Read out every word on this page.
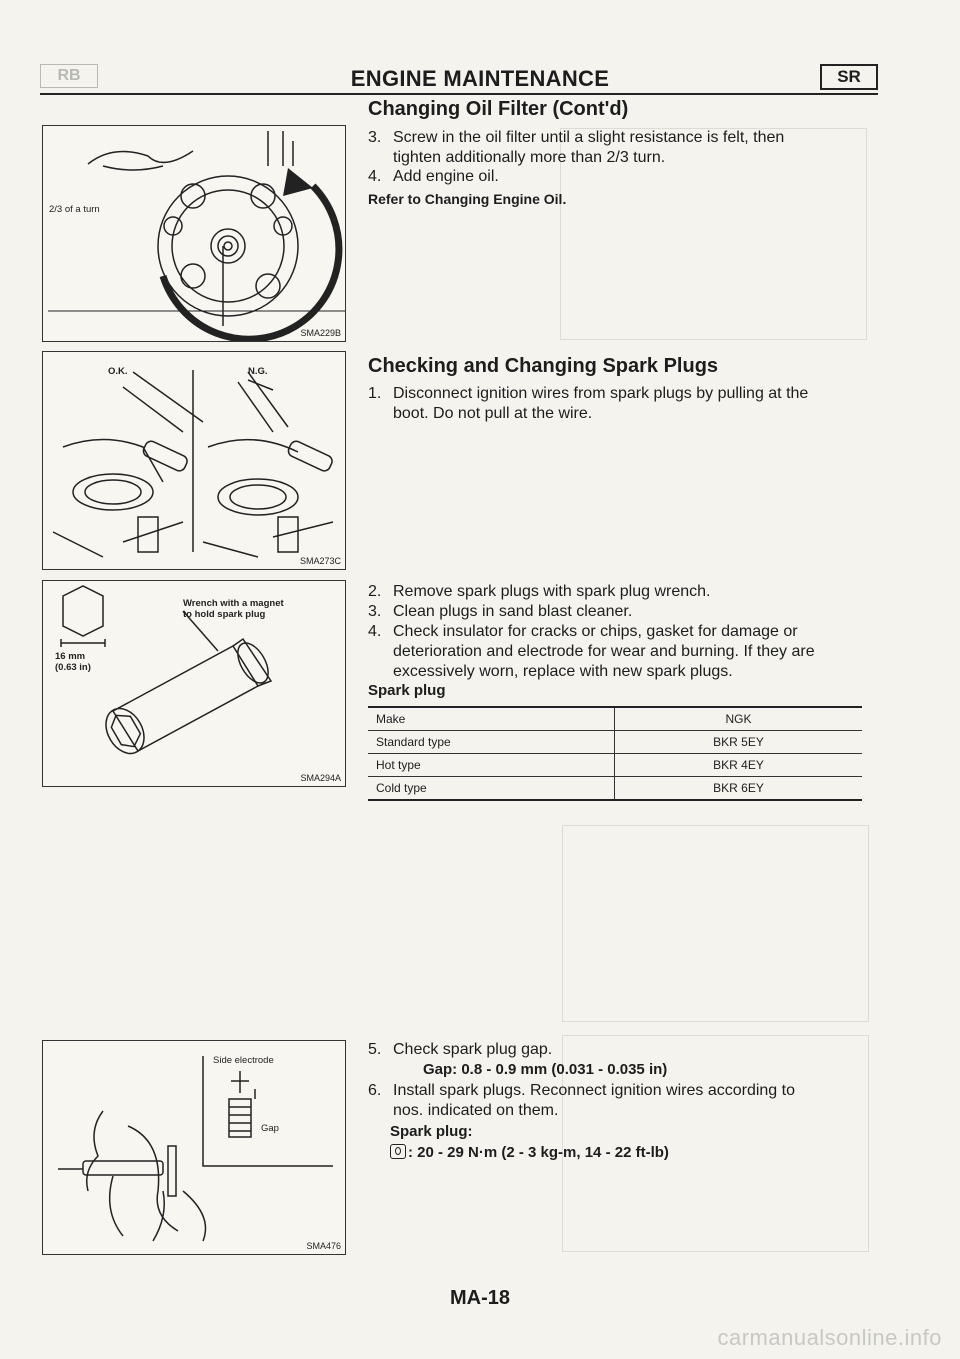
RB	ENGINE MAINTENANCE	SR
2/3 of a turn
SMA229B
O.K.	N.G.
SMA273C
Wrench with a magnet
to hold spark plug
16 mm
(0.63 in)
SMA294A
Side electrode
Gap
SMA476
Changing Oil Filter (Cont'd)
3. Screw in the oil filter until a slight resistance is felt, then
tighten additionally more than 2/3 turn.
4. Add engine oil.
Refer to Changing Engine Oil.
Checking and Changing Spark Plugs
1. Disconnect ignition wires from spark plugs by pulling at the
boot. Do not pull at the wire.
2. Remove spark plugs with spark plug wrench.
3. Clean plugs in sand blast cleaner.
4. Check insulator for cracks or chips, gasket for damage or
deterioration and electrode for wear and burning. If they are
excessively worn, replace with new spark plugs.
Spark plug
Make	NGK
Standard type	BKR 5EY
Hot type	BKR 4EY
Cold type	BKR 6EY
5. Check spark plug gap.
Gap: 0.8 - 0.9 mm (0.031 - 0.035 in)
6. Install spark plugs. Reconnect ignition wires according to
nos. indicated on them.
Spark plug:
: 20 - 29 N·m (2 - 3 kg-m, 14 - 22 ft-lb)
MA-18
carmanualsonline.info
